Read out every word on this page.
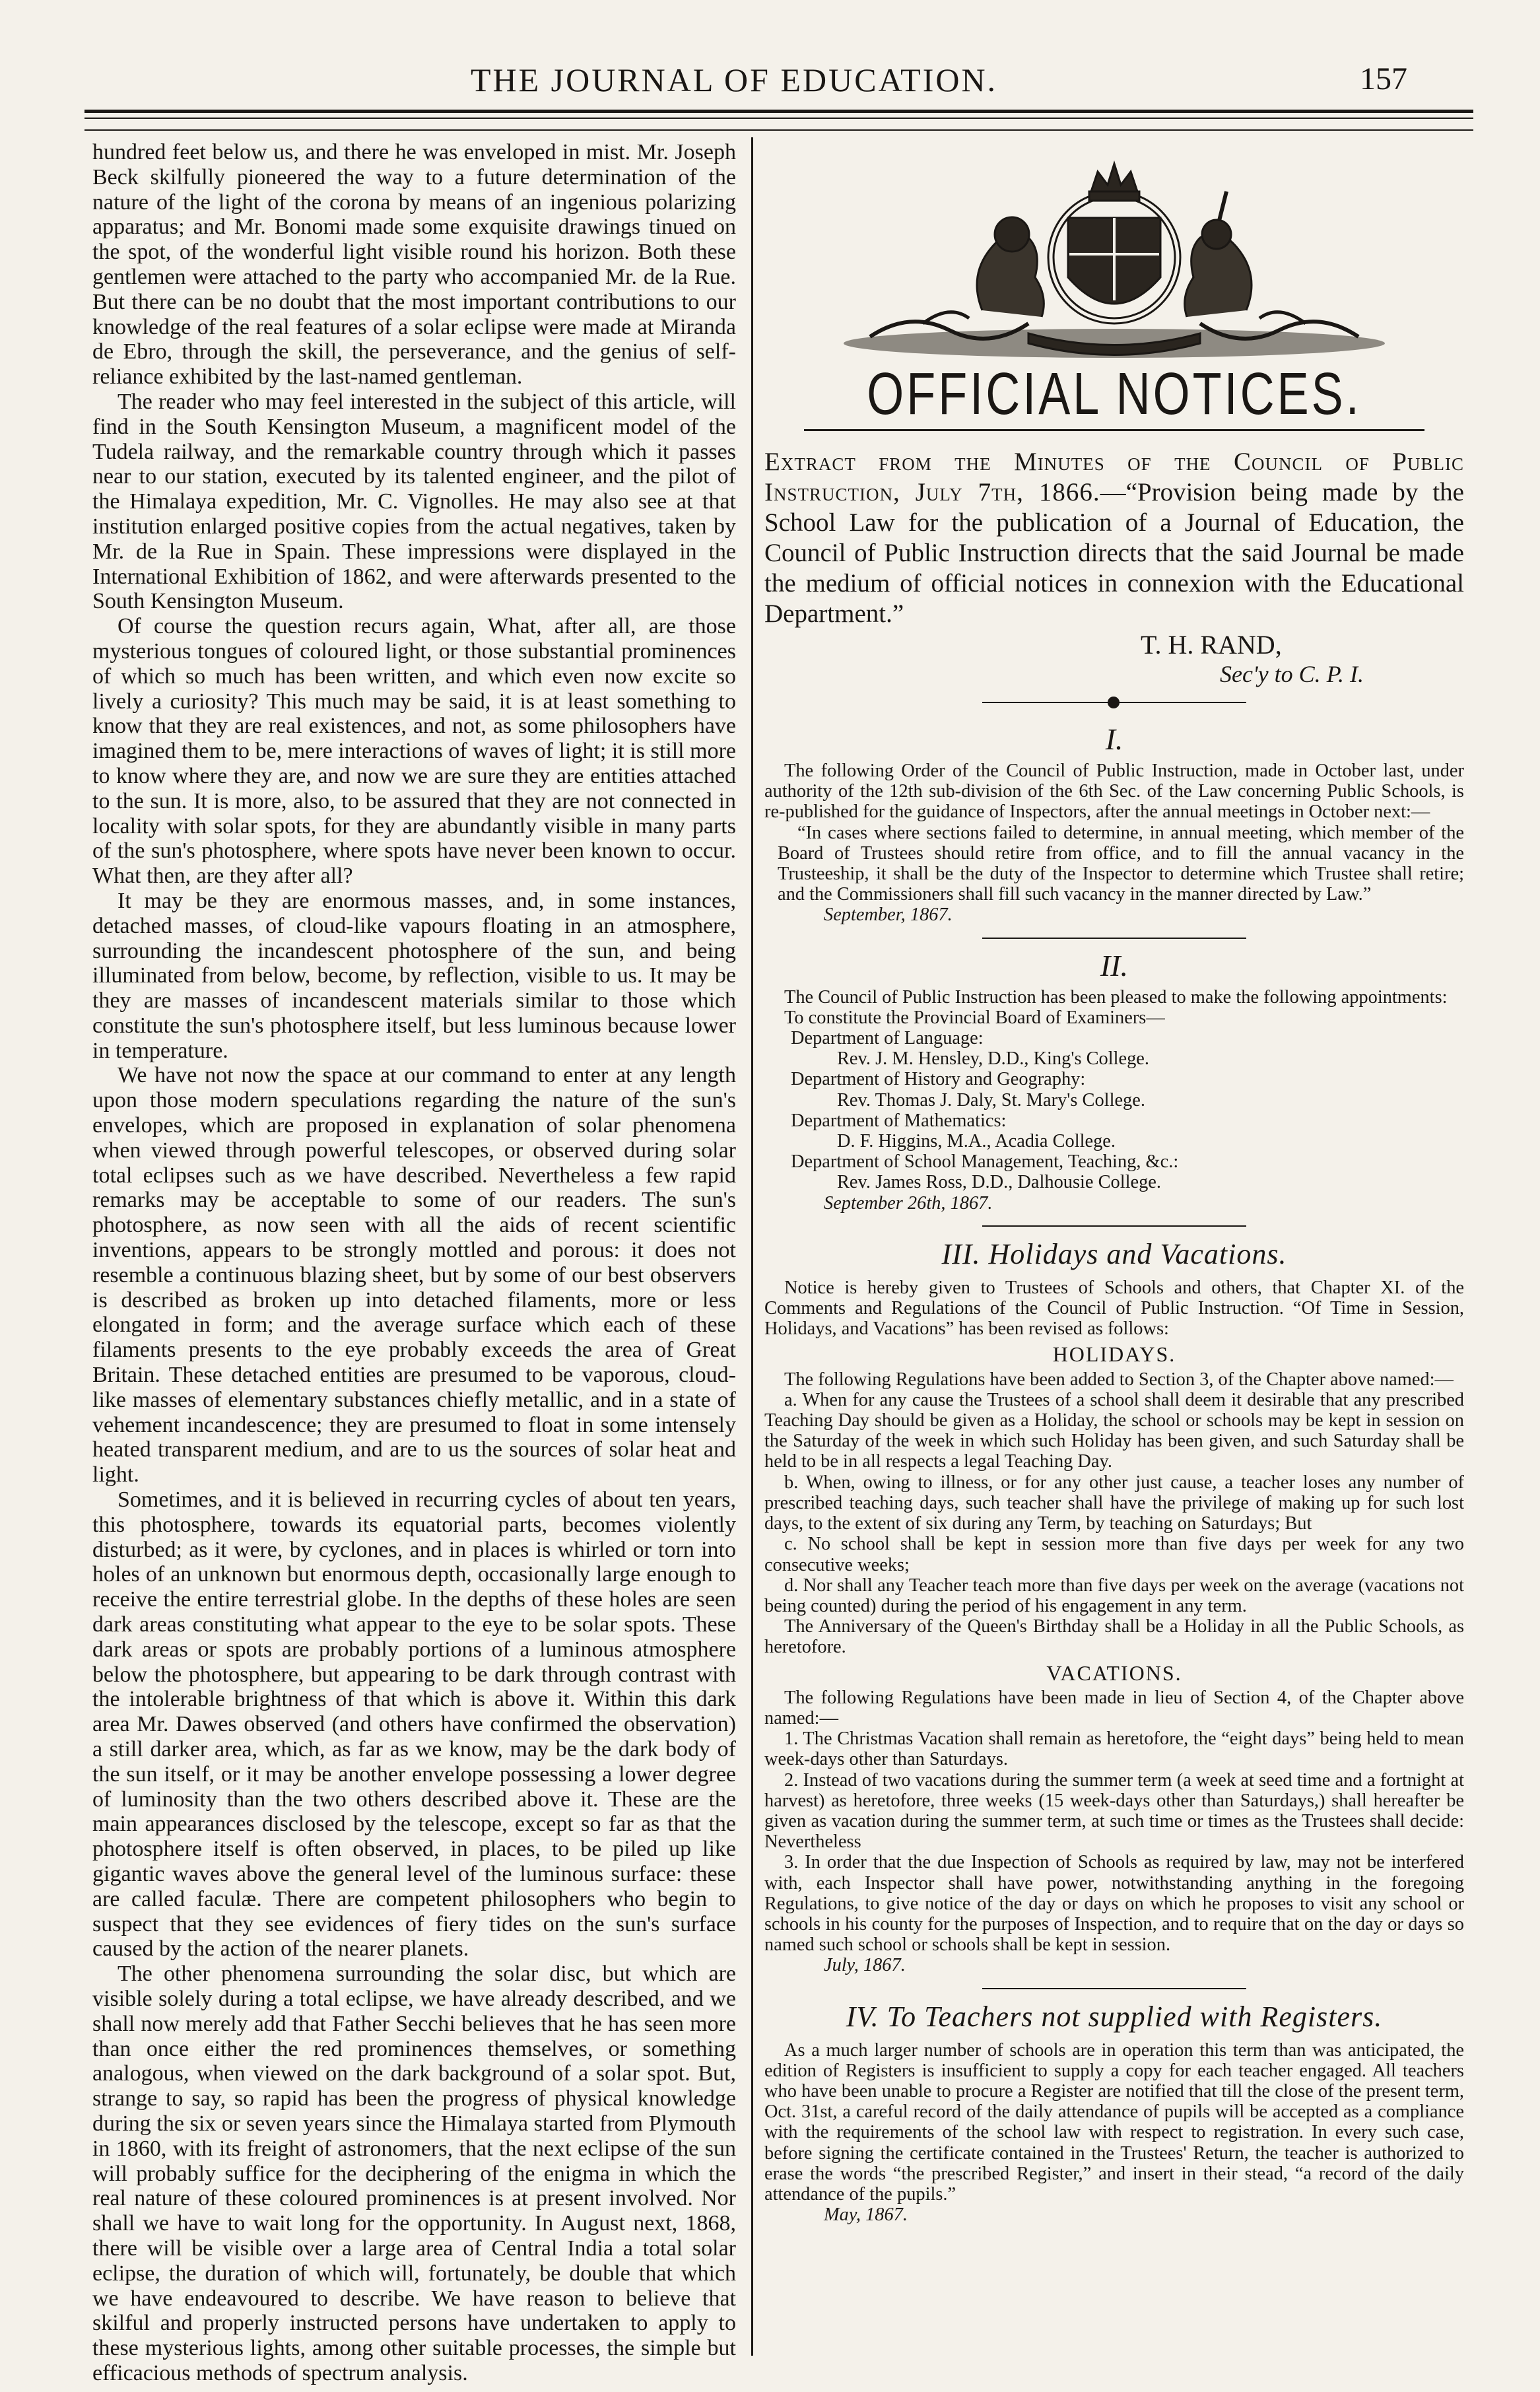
THE JOURNAL OF EDUCATION.	157

hundred feet below us, and there he was enveloped in mist. Mr. Joseph Beck skilfully pioneered the way to a future determination of the nature of the light of the corona by means of an ingenious polarizing apparatus; and Mr. Bonomi made some exquisite drawings tinued on the spot, of the wonderful light visible round his horizon. Both these gentlemen were attached to the party who accompanied Mr. de la Rue. But there can be no doubt that the most important contributions to our knowledge of the real features of a solar eclipse were made at Miranda de Ebro, through the skill, the perseverance, and the genius of self-reliance exhibited by the last-named gentleman.

The reader who may feel interested in the subject of this article, will find in the South Kensington Museum, a magnificent model of the Tudela railway, and the remarkable country through which it passes near to our station, executed by its talented engineer, and the pilot of the Himalaya expedition, Mr. C. Vignolles. He may also see at that institution enlarged positive copies from the actual negatives, taken by Mr. de la Rue in Spain. These impressions were displayed in the International Exhibition of 1862, and were afterwards presented to the South Kensington Museum.

Of course the question recurs again, What, after all, are those mysterious tongues of coloured light, or those substantial prominences of which so much has been written, and which even now excite so lively a curiosity? This much may be said, it is at least something to know that they are real existences, and not, as some philosophers have imagined them to be, mere interactions of waves of light; it is still more to know where they are, and now we are sure they are entities attached to the sun. It is more, also, to be assured that they are not connected in locality with solar spots, for they are abundantly visible in many parts of the sun's photosphere, where spots have never been known to occur. What then, are they after all?

It may be they are enormous masses, and, in some instances, detached masses, of cloud-like vapours floating in an atmosphere, surrounding the incandescent photosphere of the sun, and being illuminated from below, become, by reflection, visible to us. It may be they are masses of incandescent materials similar to those which constitute the sun's photosphere itself, but less luminous because lower in temperature.

We have not now the space at our command to enter at any length upon those modern speculations regarding the nature of the sun's envelopes, which are proposed in explanation of solar phenomena when viewed through powerful telescopes, or observed during solar total eclipses such as we have described. Nevertheless a few rapid remarks may be acceptable to some of our readers. The sun's photosphere, as now seen with all the aids of recent scientific inventions, appears to be strongly mottled and porous: it does not resemble a continuous blazing sheet, but by some of our best observers is described as broken up into detached filaments, more or less elongated in form; and the average surface which each of these filaments presents to the eye probably exceeds the area of Great Britain. These detached entities are presumed to be vaporous, cloud-like masses of elementary substances chiefly metallic, and in a state of vehement incandescence; they are presumed to float in some intensely heated transparent medium, and are to us the sources of solar heat and light.

Sometimes, and it is believed in recurring cycles of about ten years, this photosphere, towards its equatorial parts, becomes violently disturbed; as it were, by cyclones, and in places is whirled or torn into holes of an unknown but enormous depth, occasionally large enough to receive the entire terrestrial globe. In the depths of these holes are seen dark areas constituting what appear to the eye to be solar spots. These dark areas or spots are probably portions of a luminous atmosphere below the photosphere, but appearing to be dark through contrast with the intolerable brightness of that which is above it. Within this dark area Mr. Dawes observed (and others have confirmed the observation) a still darker area, which, as far as we know, may be the dark body of the sun itself, or it may be another envelope possessing a lower degree of luminosity than the two others described above it. These are the main appearances disclosed by the telescope, except so far as that the photosphere itself is often observed, in places, to be piled up like gigantic waves above the general level of the luminous surface: these are called faculæ. There are competent philosophers who begin to suspect that they see evidences of fiery tides on the sun's surface caused by the action of the nearer planets.

The other phenomena surrounding the solar disc, but which are visible solely during a total eclipse, we have already described, and we shall now merely add that Father Secchi believes that he has seen more than once either the red prominences themselves, or something analogous, when viewed on the dark background of a solar spot. But, strange to say, so rapid has been the progress of physical knowledge during the six or seven years since the Himalaya started from Plymouth in 1860, with its freight of astronomers, that the next eclipse of the sun will probably suffice for the deciphering of the enigma in which the real nature of these coloured prominences is at present involved. Nor shall we have to wait long for the opportunity. In August next, 1868, there will be visible over a large area of Central India a total solar eclipse, the duration of which will, fortunately, be double that which we have endeavoured to describe. We have reason to believe that skilful and properly instructed persons have undertaken to apply to these mysterious lights, among other suitable processes, the simple but efficacious methods of spectrum analysis.

OFFICIAL NOTICES.
Extract from the Minutes of the Council of Public Instruction, July 7th, 1866.—“Provision being made by the School Law for the publication of a Journal of Education, the Council of Public Instruction directs that the said Journal be made the medium of official notices in connexion with the Educational Department.”
T. H. RAND,
Sec'y to C. P. I.
I.

The following Order of the Council of Public Instruction, made in October last, under authority of the 12th sub-division of the 6th Sec. of the Law concerning Public Schools, is re-published for the guidance of Inspectors, after the annual meetings in October next:—

“In cases where sections failed to determine, in annual meeting, which member of the Board of Trustees should retire from office, and to fill the annual vacancy in the Trusteeship, it shall be the duty of the Inspector to determine which Trustee shall retire; and the Commissioners shall fill such vacancy in the manner directed by Law.”

September, 1867.

II.

The Council of Public Instruction has been pleased to make the following appointments:

To constitute the Provincial Board of Examiners—

Department of Language:

Rev. J. M. Hensley, D.D., King's College.

Department of History and Geography:

Rev. Thomas J. Daly, St. Mary's College.

Department of Mathematics:

D. F. Higgins, M.A., Acadia College.

Department of School Management, Teaching, &c.:

Rev. James Ross, D.D., Dalhousie College.

September 26th, 1867.

III. Holidays and Vacations.

Notice is hereby given to Trustees of Schools and others, that Chapter XI. of the Comments and Regulations of the Council of Public Instruction. “Of Time in Session, Holidays, and Vacations” has been revised as follows:

HOLIDAYS.

The following Regulations have been added to Section 3, of the Chapter above named:—

a. When for any cause the Trustees of a school shall deem it desirable that any prescribed Teaching Day should be given as a Holiday, the school or schools may be kept in session on the Saturday of the week in which such Holiday has been given, and such Saturday shall be held to be in all respects a legal Teaching Day.

b. When, owing to illness, or for any other just cause, a teacher loses any number of prescribed teaching days, such teacher shall have the privilege of making up for such lost days, to the extent of six during any Term, by teaching on Saturdays; But

c. No school shall be kept in session more than five days per week for any two consecutive weeks;

d. Nor shall any Teacher teach more than five days per week on the average (vacations not being counted) during the period of his engagement in any term.

The Anniversary of the Queen's Birthday shall be a Holiday in all the Public Schools, as heretofore.

VACATIONS.

The following Regulations have been made in lieu of Section 4, of the Chapter above named:—

1. The Christmas Vacation shall remain as heretofore, the “eight days” being held to mean week-days other than Saturdays.

2. Instead of two vacations during the summer term (a week at seed time and a fortnight at harvest) as heretofore, three weeks (15 week-days other than Saturdays,) shall hereafter be given as vacation during the summer term, at such time or times as the Trustees shall decide: Nevertheless

3. In order that the due Inspection of Schools as required by law, may not be interfered with, each Inspector shall have power, notwithstanding anything in the foregoing Regulations, to give notice of the day or days on which he proposes to visit any school or schools in his county for the purposes of Inspection, and to require that on the day or days so named such school or schools shall be kept in session.

July, 1867.

IV. To Teachers not supplied with Registers.

As a much larger number of schools are in operation this term than was anticipated, the edition of Registers is insufficient to supply a copy for each teacher engaged. All teachers who have been unable to procure a Register are notified that till the close of the present term, Oct. 31st, a careful record of the daily attendance of pupils will be accepted as a compliance with the requirements of the school law with respect to registration. In every such case, before signing the certificate contained in the Trustees' Return, the teacher is authorized to erase the words “the prescribed Register,” and insert in their stead, “a record of the daily attendance of the pupils.”

May, 1867.
